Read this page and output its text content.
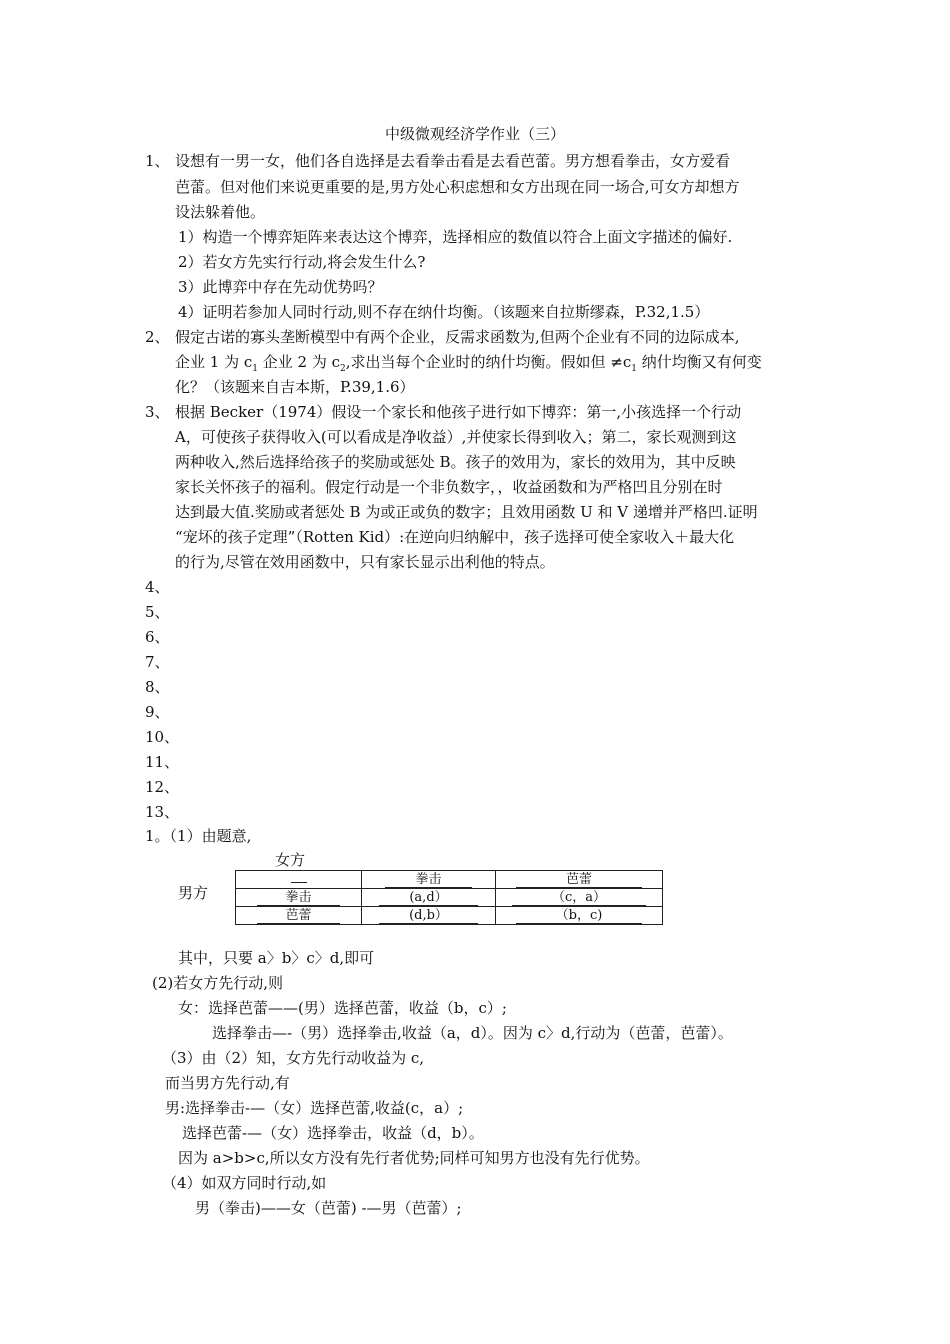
中级微观经济学作业（三）
1、 设想有一男一女，他们各自选择是去看拳击看是去看芭蕾。男方想看拳击，女方爱看
芭蕾。但对他们来说更重要的是,男方处心积虑想和女方出现在同一场合,可女方却想方
设法躲着他。
1）构造一个博弈矩阵来表达这个博弈，选择相应的数值以符合上面文字描述的偏好.
2）若女方先实行行动,将会发生什么?
3）此博弈中存在先动优势吗？
4）证明若参加人同时行动,则不存在纳什均衡。（该题来自拉斯缪森，P.32,1.5）
2、 假定古诺的寡头垄断模型中有两个企业，反需求函数为,但两个企业有不同的边际成本,
企业 1 为 $c_1$ 企业 2 为 $c_2$,求出当每个企业时的纳什均衡。假如但 $\ne c_1$ 纳什均衡又有何变
化？（该题来自吉本斯，P.39,1.6）
3、 根据 Becker（1974）假设一个家长和他孩子进行如下博弈：第一,小孩选择一个行动
A，可使孩子获得收入(可以看成是净收益）,并使家长得到收入；第二，家长观测到这
两种收入,然后选择给孩子的奖励或惩处 B。孩子的效用为，家长的效用为，其中反映
家长关怀孩子的福利。假定行动是一个非负数字，，收益函数和为严格凹且分别在时
达到最大值.奖励或者惩处 B 为或正或负的数字；且效用函数 U 和 V 递增并严格凹.证明
“宠坏的孩子定理”（Rotten Kid）:在逆向归纳解中，孩子选择可使全家收入＋最大化
的行为,尽管在效用函数中，只有家长显示出利他的特点。
4、
5、
6、
7、
8、
9、
10、
11、
12、
13、
1。（1）由题意,
女方
男方
	拳击	芭蕾
拳击	(a,d）	（c，a）
芭蕾	(d,b）	（b，c)
其中，只要 a〉b〉c〉d,即可
(2)若女方先行动,则
女：选择芭蕾——(男）选择芭蕾，收益（b，c）;
选择拳击—-（男）选择拳击,收益（a，d）。因为 c〉d,行动为（芭蕾，芭蕾）。
（3）由（2）知，女方先行动收益为 c,
而当男方先行动,有
男:选择拳击-—（女）选择芭蕾,收益(c，a）;
选择芭蕾-—（女）选择拳击，收益（d，b）。
因为 a>b>c,所以女方没有先行者优势;同样可知男方也没有先行优势。
（4）如双方同时行动,如
男（拳击)——女（芭蕾) -—男（芭蕾）;
